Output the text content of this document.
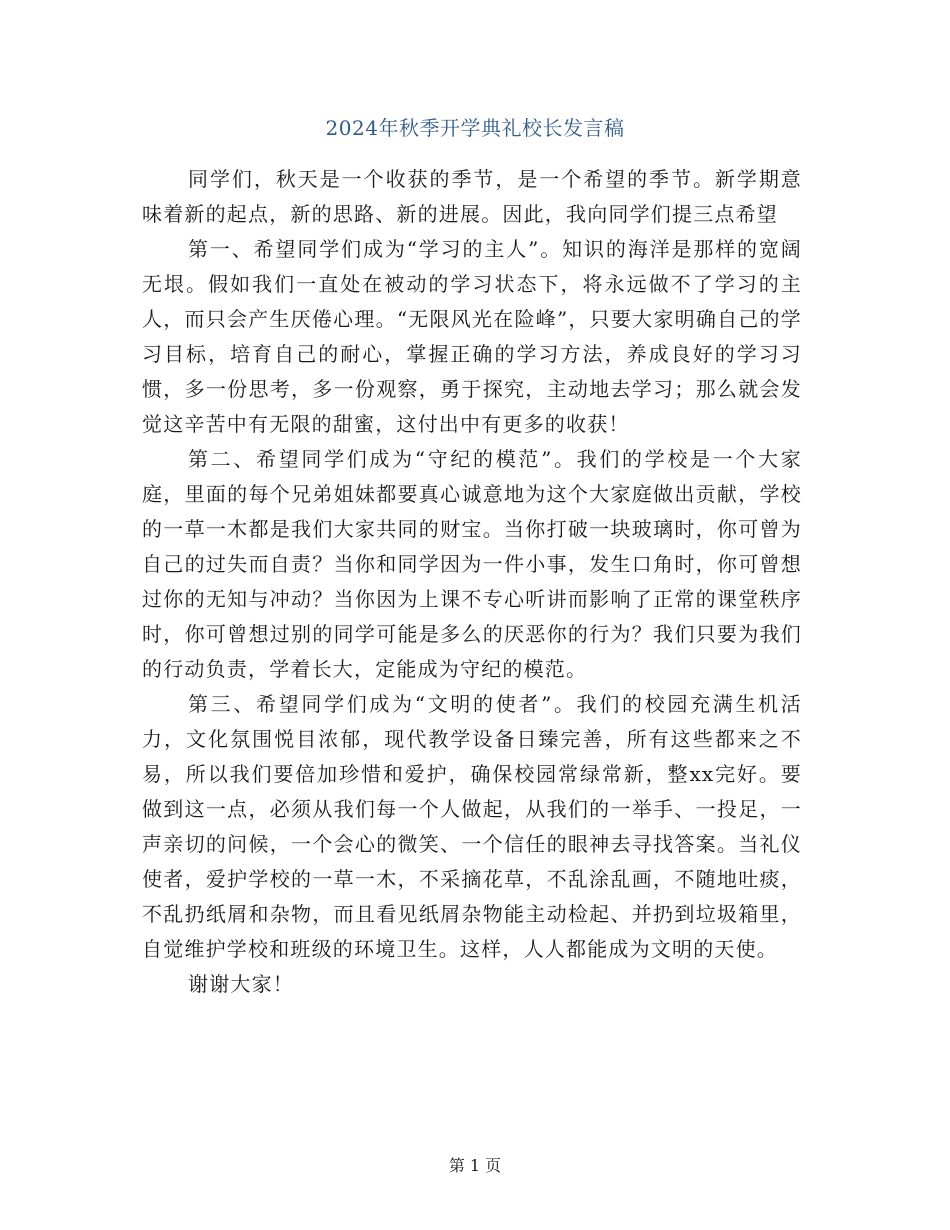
2024年秋季开学典礼校长发言稿

同学们，秋天是一个收获的季节，是一个希望的季节。新学期意味着新的起点，新的思路、新的进展。因此，我向同学们提三点希望

第一、希望同学们成为“学习的主人”。知识的海洋是那样的宽阔无垠。假如我们一直处在被动的学习状态下，将永远做不了学习的主人，而只会产生厌倦心理。“无限风光在险峰”，只要大家明确自己的学习目标，培育自己的耐心，掌握正确的学习方法，养成良好的学习习惯，多一份思考，多一份观察，勇于探究，主动地去学习；那么就会发觉这辛苦中有无限的甜蜜，这付出中有更多的收获！

第二、希望同学们成为“守纪的模范”。我们的学校是一个大家庭，里面的每个兄弟姐妹都要真心诚意地为这个大家庭做出贡献，学校的一草一木都是我们大家共同的财宝。当你打破一块玻璃时，你可曾为自己的过失而自责？当你和同学因为一件小事，发生口角时，你可曾想过你的无知与冲动？当你因为上课不专心听讲而影响了正常的课堂秩序时，你可曾想过别的同学可能是多么的厌恶你的行为？我们只要为我们的行动负责，学着长大，定能成为守纪的模范。

第三、希望同学们成为“文明的使者”。我们的校园充满生机活力，文化氛围悦目浓郁，现代教学设备日臻完善，所有这些都来之不易，所以我们要倍加珍惜和爱护，确保校园常绿常新，整xx完好。要做到这一点，必须从我们每一个人做起，从我们的一举手、一投足，一声亲切的问候，一个会心的微笑、一个信任的眼神去寻找答案。当礼仪使者，爱护学校的一草一木，不采摘花草，不乱涂乱画，不随地吐痰，不乱扔纸屑和杂物，而且看见纸屑杂物能主动检起、并扔到垃圾箱里，自觉维护学校和班级的环境卫生。这样，人人都能成为文明的天使。

谢谢大家！

第 1 页
